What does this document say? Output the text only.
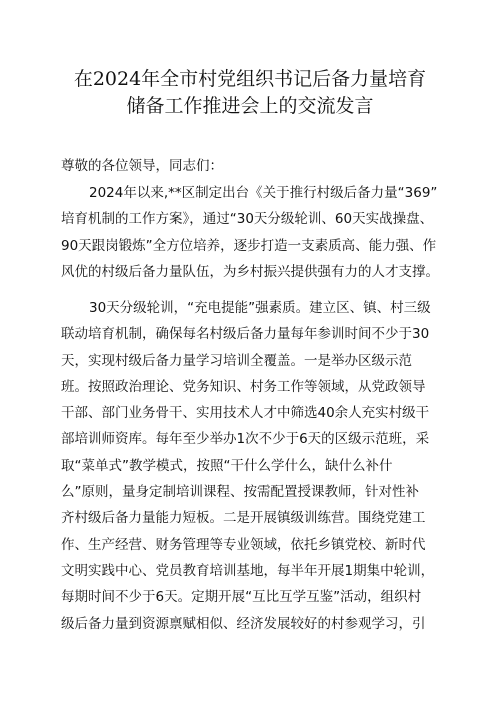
在2024年全市村党组织书记后备力量培育
储备工作推进会上的交流发言

尊敬的各位领导，同志们：

2024年以来,**区制定出台《关于推行村级后备力量“369”
培育机制的工作方案》，通过“30天分级轮训、60天实战操盘、
90天跟岗锻炼”全方位培养，逐步打造一支素质高、能力强、作
风优的村级后备力量队伍，为乡村振兴提供强有力的人才支撑。

30天分级轮训，“充电提能”强素质。建立区、镇、村三级
联动培育机制，确保每名村级后备力量每年参训时间不少于30
天，实现村级后备力量学习培训全覆盖。一是举办区级示范
班。按照政治理论、党务知识、村务工作等领域，从党政领导
干部、部门业务骨干、实用技术人才中筛选40余人充实村级干
部培训师资库。每年至少举办1次不少于6天的区级示范班，采
取“菜单式”教学模式，按照“干什么学什么，缺什么补什
么”原则，量身定制培训课程、按需配置授课教师，针对性补
齐村级后备力量能力短板。二是开展镇级训练营。围绕党建工
作、生产经营、财务管理等专业领域，依托乡镇党校、新时代
文明实践中心、党员教育培训基地，每半年开展1期集中轮训，
每期时间不少于6天。定期开展“互比互学互鉴”活动，组织村
级后备力量到资源禀赋相似、经济发展较好的村参观学习，引
